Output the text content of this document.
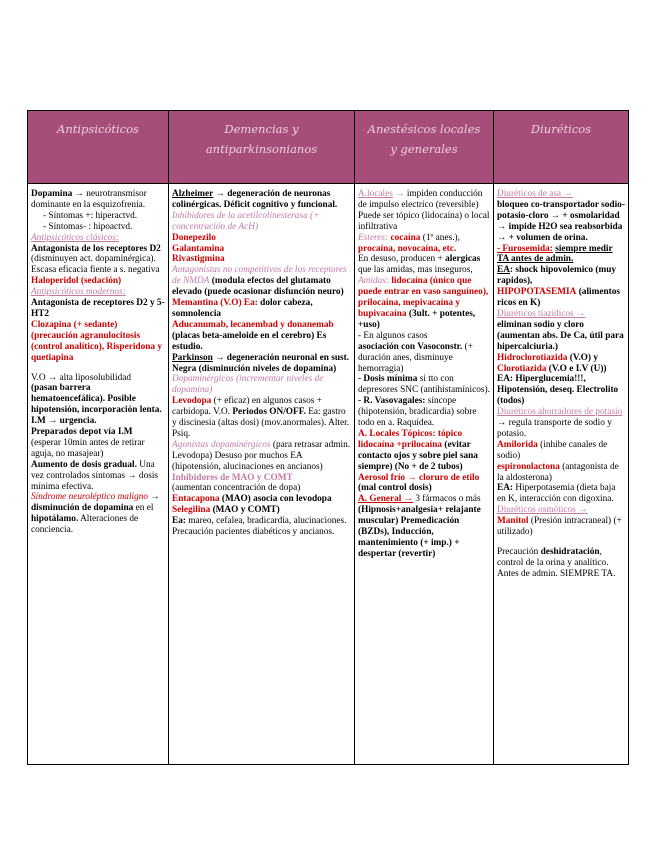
Antipsicóticos	Demencias y antiparkinsonianos
Anestésicos locales y generales
Diuréticos
Dopamina → neurotransmisor dominante en la esquizofrenia.
- Síntomas +: hiperactvd.
- Síntomas- : hipoactvd.
Antipsicóticos clásicos:
Antagonista de los receptores D2
(disminuyen act. dopaminérgica). Escasa eficacia fiente a s. negativa
Haloperidol (sedación)
Antipsicóticos modernos:
Antagonista de receptores D2 y 5-HT2
Clozapina (+ sedante) (precaución agranulocitosis (control analítico), Risperidona y quetiapina
V.O → alta liposolubilidad
(pasan barrera hematoencefálica). Posible hipotensión, incorporación lenta.
I.M → urgencia.
Preparados depot vía I.M
(esperar 10min antes de retirar aguja, no masajear)
Aumento de dosis gradual. Una vez controlados síntomas → dosis mínima efectiva.
Síndrome neuroléptico maligno → disminución de dopamina en el hipotálamo. Alteraciones de conciencia.
Alzheimer → degeneración de neuronas colinérgicas. Déficit cognitivo y funcional.
Inhibidores de la acetilcolinesterasa (+ concentración de AcH)
Donepezilo
Galantamina
Rivastigmina
Antagonistas no competitivos de los receptores de NMDA (modula efectos del glutamato elevado (puede ocasionar disfunción neuro)
Memantina (V.O) Ea: dolor cabeza, somnolencia
Aducanumab, lecanembad y donanemab (placas beta-ameloide en el cerebro) Es estudio.
Parkinson → degeneración neuronal en sust. Negra (disminución niveles de dopamina)
Dopaminérgicos (incrementar niveles de dopamina)
Levodopa (+ eficaz) en algunos casos + carbidopa. V.O. Periodos ON/OFF. Ea: gastro y discinesia (altas dosi) (mov.anormales). Alter. Psiq.
Agonistas dopaminérgicos (para retrasar admin. Levodopa) Desuso por muchos EA (hipotensión, alucinaciones en ancianos)
Inhibidores de MAO y COMT
(aumentan concentración de dopa)
Entacapona (MAO) asocia con levodopa
Selegilina (MAO y COMT)
Ea: mareo, cefalea, bradicardia, alucinaciones. Precaución pacientes diabéticos y ancianos.
A.locales → impiden conducción de impulso electrico (reversible) Puede ser tópico (lidocaína) o local infiltrativa
Esteres: cocaína (1º anes.), procaína, novocaína, etc.
En desuso, producen + alergicas que las amidas, mas inseguros,
Amidas: lidocaína (único que puede entrar en vaso sanguíneo), prilocaína, mepivacaína y bupivacaína (3ult. + potentes, +uso)
- En algunos casos
asociación con Vasoconstr. (+ duración anes, disminuye hemorragia)
- Dosis mínima si tto con depresores SNC (antihistamínicos).
- R. Vasovagales: síncope (hipotensión, bradicardia) sobre todo en a. Raquídea.
A. Locales Tópicos: tópico lidocaína +prilocaína (evitar contacto ojos y sobre piel sana siempre) (No + de 2 tubos)
Aerosol frío → cloruro de etilo (mal control dosis)
A. General → 3 fármacos o más (Hipnosis+analgesia+ relajante muscular) Premedicación (BZDs), Inducción, mantenimiento (+ imp.) + despertar (revertir)
Diuréticos de asa →
bloqueo co-transportador sodio-potasio-cloro → + osmolaridad → impide H2O sea reabsorbida → + volumen de orina.
- Furosemida: siempre medir TA antes de admin.
EA: shock hipovolemico (muy rapidos),
HIPOPOTASEMIA (alimentos ricos en K)
Diuréticos tiazídicos →
eliminan sodio y cloro (aumentan abs. De Ca, útil para hipercalciuria.)
Hidroclorotiazida (V.O) y Clorotiazida (V.O e I.V (U))
EA: Hiperglucemia!!!, Hipotensión, deseq. Electrolito (todos)
Diuréticos ahorradores de potasio
→ regula transporte de sodio y potasio.
Amilorida (inhibe canales de sodio)
espironolactona (antagonista de la aldosterona)
EA: Hiperpotasemia (dieta baja en K, interacción con digoxina.
Diuréticos osmóticos →
Manitol (Presión intracraneal) (+ utilizado)
Precaución deshidratación, control de la orina y analítico. Antes de admin. SIEMPRE TA.
